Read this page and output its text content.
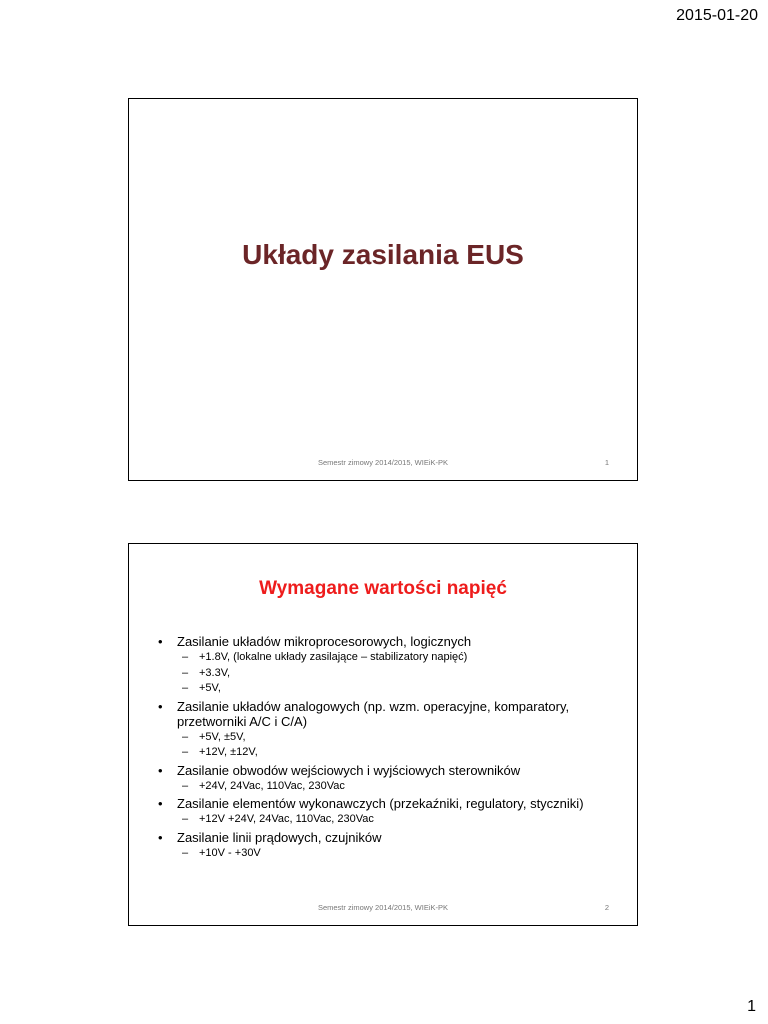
2015-01-20
Układy zasilania EUS
Semestr zimowy 2014/2015, WIEiK-PK	1
Wymagane wartości napięć
• Zasilanie układów mikroprocesorowych, logicznych
– +1.8V, (lokalne układy zasilające – stabilizatory napięć)
– +3.3V,
– +5V,
• Zasilanie układów analogowych (np. wzm. operacyjne, komparatory, przetworniki A/C i C/A)
– +5V, ±5V,
– +12V, ±12V,
• Zasilanie obwodów wejściowych i wyjściowych sterowników
– +24V, 24Vac, 110Vac, 230Vac
• Zasilanie elementów wykonawczych (przekaźniki, regulatory, styczniki)
– +12V +24V, 24Vac, 110Vac, 230Vac
• Zasilanie linii prądowych, czujników
– +10V - +30V
Semestr zimowy 2014/2015, WIEiK-PK	2
1
